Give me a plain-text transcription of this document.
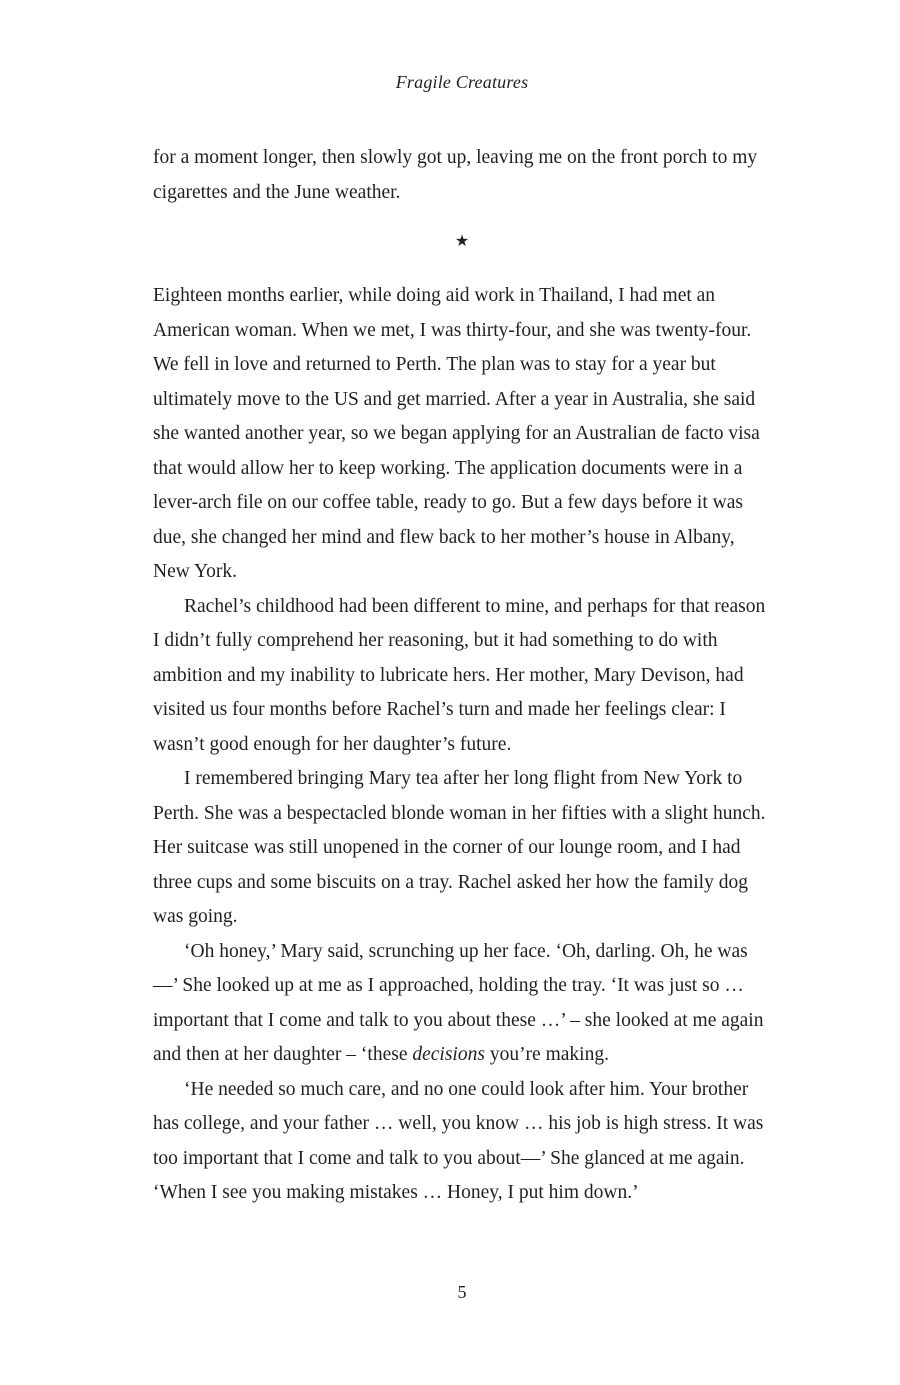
Fragile Creatures

for a moment longer, then slowly got up, leaving me on the front porch to my cigarettes and the June weather.

★

Eighteen months earlier, while doing aid work in Thailand, I had met an American woman. When we met, I was thirty-four, and she was twenty-four. We fell in love and returned to Perth. The plan was to stay for a year but ultimately move to the US and get married. After a year in Australia, she said she wanted another year, so we began applying for an Australian de facto visa that would allow her to keep working. The application documents were in a lever-arch file on our coffee table, ready to go. But a few days before it was due, she changed her mind and flew back to her mother’s house in Albany, New York.

Rachel’s childhood had been different to mine, and perhaps for that reason I didn’t fully comprehend her reasoning, but it had something to do with ambition and my inability to lubricate hers. Her mother, Mary Devison, had visited us four months before Rachel’s turn and made her feelings clear: I wasn’t good enough for her daughter’s future.

I remembered bringing Mary tea after her long flight from New York to Perth. She was a bespectacled blonde woman in her fifties with a slight hunch. Her suitcase was still unopened in the corner of our lounge room, and I had three cups and some biscuits on a tray. Rachel asked her how the family dog was going.

‘Oh honey,’ Mary said, scrunching up her face. ‘Oh, darling. Oh, he was—’ She looked up at me as I approached, holding the tray. ‘It was just so … important that I come and talk to you about these …’ – she looked at me again and then at her daughter – ‘these decisions you’re making.

‘He needed so much care, and no one could look after him. Your brother has college, and your father … well, you know … his job is high stress. It was too important that I come and talk to you about—’ She glanced at me again. ‘When I see you making mistakes … Honey, I put him down.’

5
